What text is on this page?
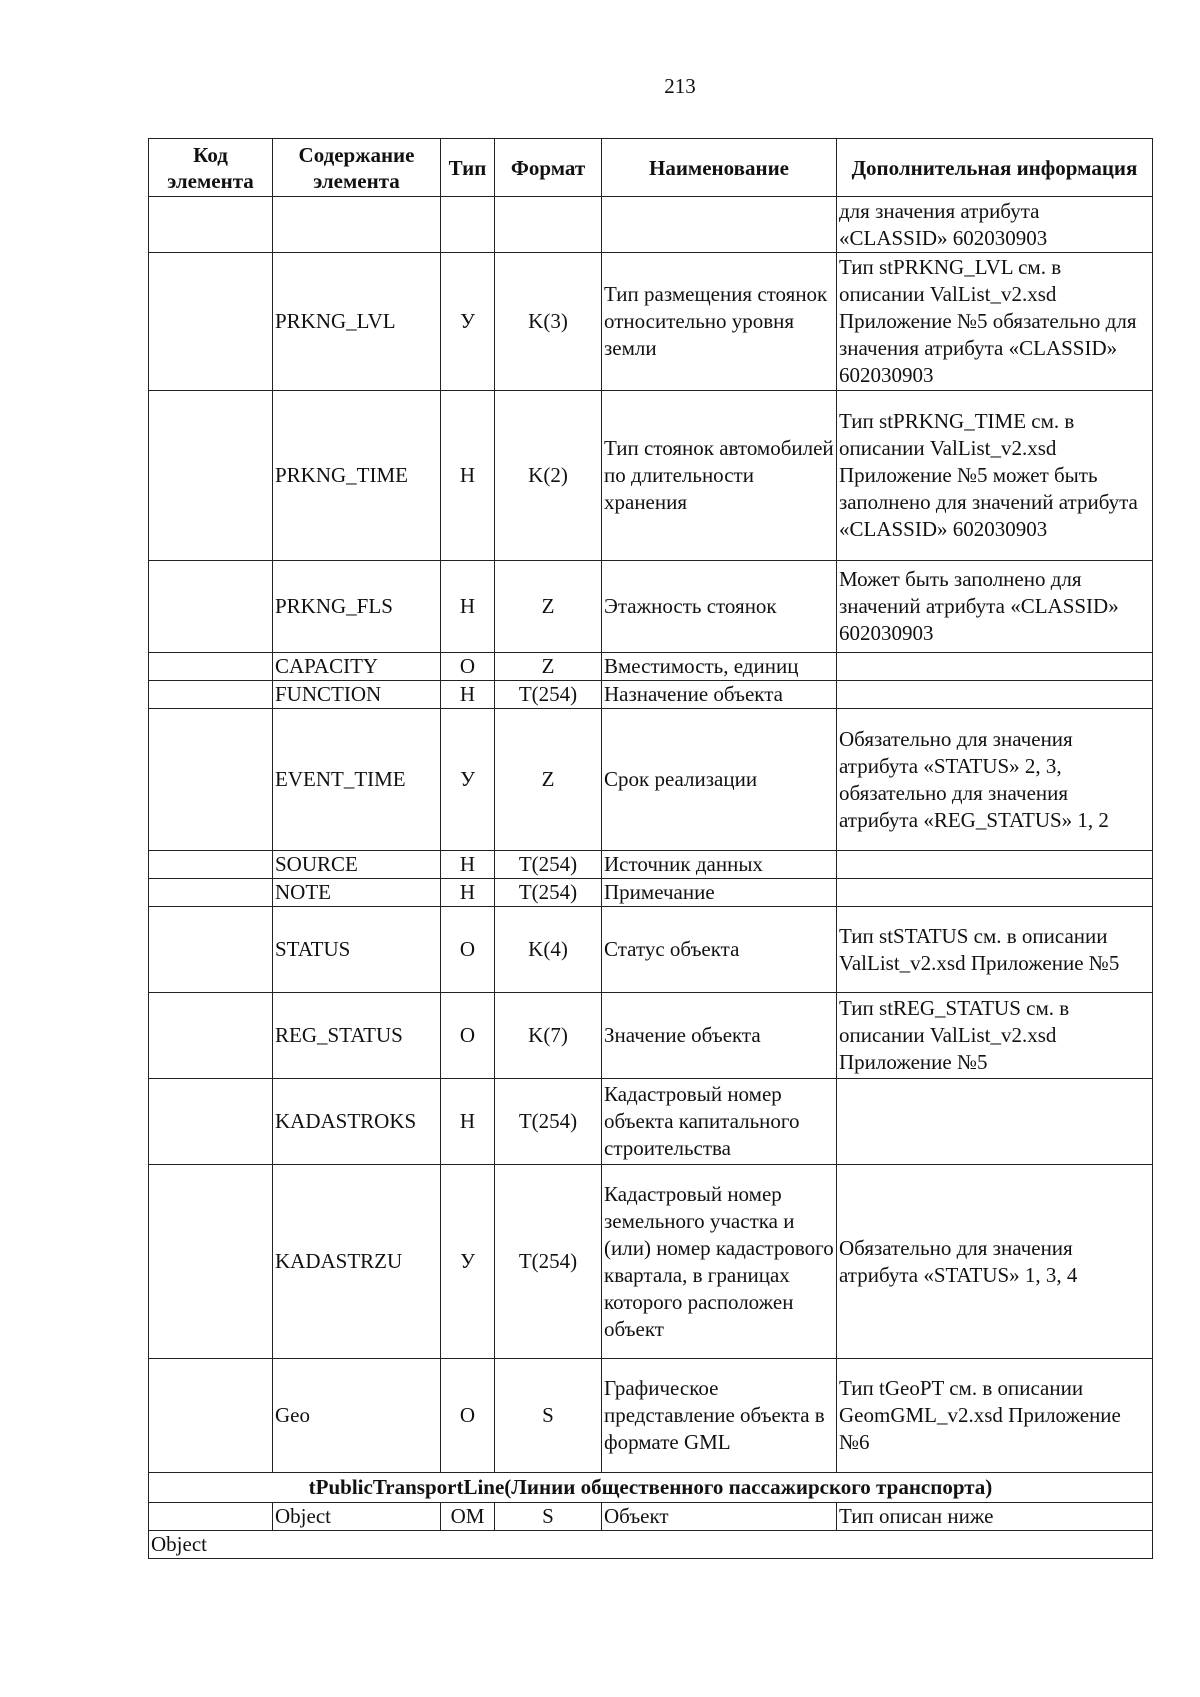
213
Код элемента	Содержание элемента	Тип	Формат	Наименование	Дополнительная информация
					для значения атрибута «CLASSID» 602030903
	PRKNG_LVL	У	K(3)	Тип размещения стоянок относительно уровня земли	Тип stPRKNG_LVL см. в описании ValList_v2.xsd Приложение №5 обязательно для значения атрибута «CLASSID» 602030903
	PRKNG_TIME	Н	K(2)	Тип стоянок автомобилей по длительности хранения	Тип stPRKNG_TIME см. в описании ValList_v2.xsd Приложение №5 может быть заполнено для значений атрибута «CLASSID» 602030903
	PRKNG_FLS	Н	Z	Этажность стоянок	Может быть заполнено для значений атрибута «CLASSID» 602030903
	CAPACITY	О	Z	Вместимость, единиц	
	FUNCTION	Н	T(254)	Назначение объекта	
	EVENT_TIME	У	Z	Срок реализации	Обязательно для значения атрибута «STATUS» 2, 3, обязательно для значения атрибута «REG_STATUS» 1, 2
	SOURCE	Н	T(254)	Источник данных	
	NOTE	Н	T(254)	Примечание	
	STATUS	О	K(4)	Статус объекта	Тип stSTATUS см. в описании ValList_v2.xsd Приложение №5
	REG_STATUS	О	K(7)	Значение объекта	Тип stREG_STATUS см. в описании ValList_v2.xsd Приложение №5
	KADASTROKS	Н	T(254)	Кадастровый номер объекта капитального строительства	
	KADASTRZU	У	T(254)	Кадастровый номер земельного участка и (или) номер кадастрового квартала, в границах которого расположен объект	Обязательно для значения атрибута «STATUS» 1, 3, 4
	Geo	О	S	Графическое представление объекта в формате GML	Тип tGeoPT см. в описании GeomGML_v2.xsd Приложение №6
tPublicTransportLine(Линии общественного пассажирского транспорта)					
	Object	ОМ	S	Объект	Тип описан ниже
Object					
